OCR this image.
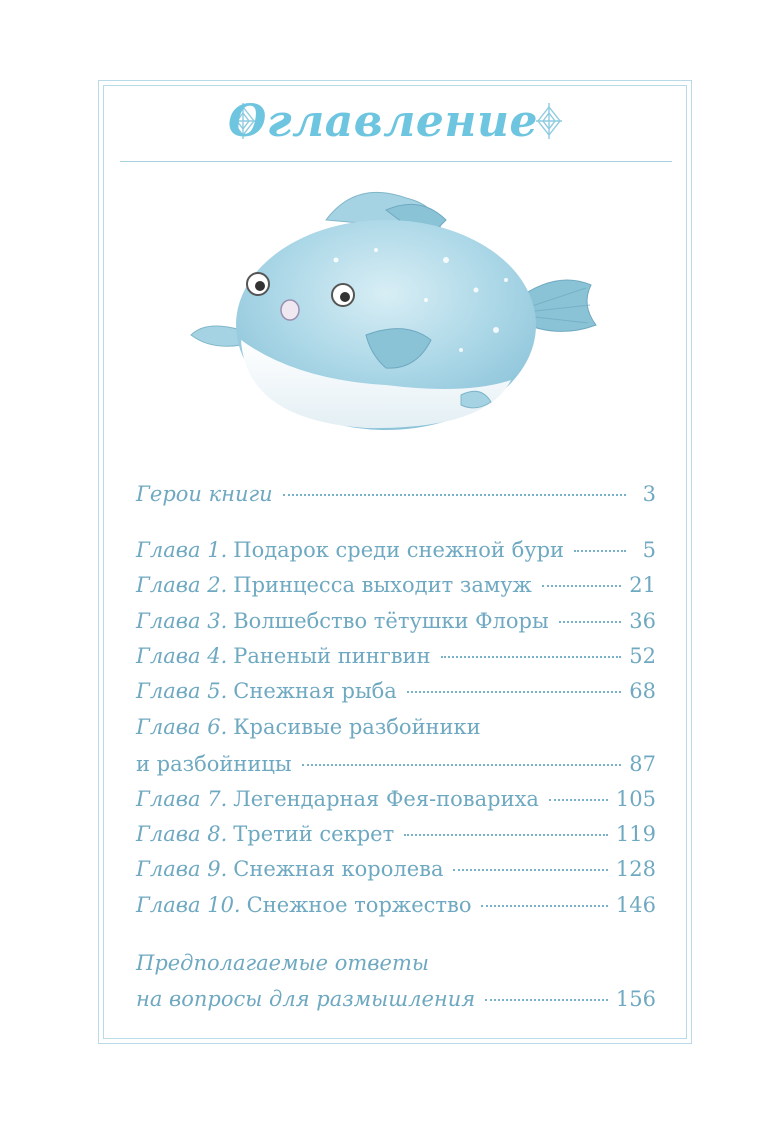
Оглавление
Герои книги	3
Глава 1. Подарок среди снежной бури	5
Глава 2. Принцесса выходит замуж	21
Глава 3. Волшебство тётушки Флоры	36
Глава 4. Раненый пингвин	52
Глава 5. Снежная рыба	68
Глава 6. Красивые разбойники
и разбойницы	87
Глава 7. Легендарная Фея-повариха	105
Глава 8. Третий секрет	119
Глава 9. Снежная королева	128
Глава 10. Снежное торжество	146
Предполагаемые ответы
на вопросы для размышления	156
